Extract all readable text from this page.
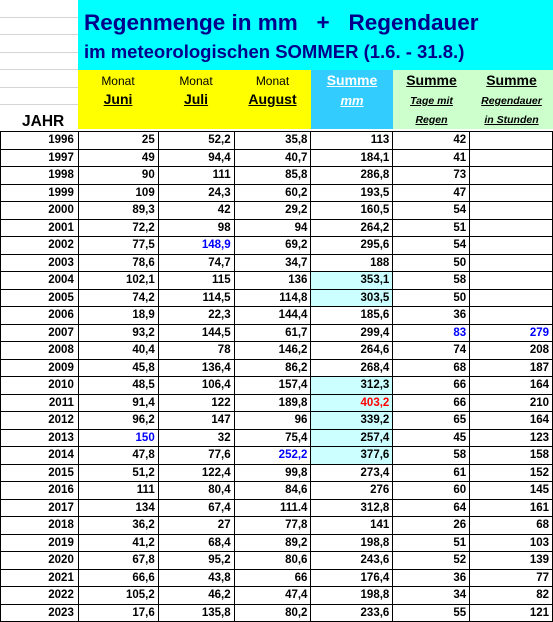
Regenmenge in mm   +   Regendauer
im meteorologischen SOMMER (1.6. - 31.8.)
Monat
Juni
Monat
Juli
Monat
August
Summe
mm
Summe
Tage mit
Regen
Summe
Regendauer
in Stunden
JAHR
1996	25	52,2	35,8	113	42	
1997	49	94,4	40,7	184,1	41	
1998	90	111	85,8	286,8	73	
1999	109	24,3	60,2	193,5	47	
2000	89,3	42	29,2	160,5	54	
2001	72,2	98	94	264,2	51	
2002	77,5	148,9	69,2	295,6	54	
2003	78,6	74,7	34,7	188	50	
2004	102,1	115	136	353,1	58	
2005	74,2	114,5	114,8	303,5	50	
2006	18,9	22,3	144,4	185,6	36	
2007	93,2	144,5	61,7	299,4	83	279
2008	40,4	78	146,2	264,6	74	208
2009	45,8	136,4	86,2	268,4	68	187
2010	48,5	106,4	157,4	312,3	66	164
2011	91,4	122	189,8	403,2	66	210
2012	96,2	147	96	339,2	65	164
2013	150	32	75,4	257,4	45	123
2014	47,8	77,6	252,2	377,6	58	158
2015	51,2	122,4	99,8	273,4	61	152
2016	111	80,4	84,6	276	60	145
2017	134	67,4	111.4	312,8	64	161
2018	36,2	27	77,8	141	26	68
2019	41,2	68,4	89,2	198,8	51	103
2020	67,8	95,2	80,6	243,6	52	139
2021	66,6	43,8	66	176,4	36	77
2022	105,2	46,2	47,4	198,8	34	82
2023	17,6	135,8	80,2	233,6	55	121
